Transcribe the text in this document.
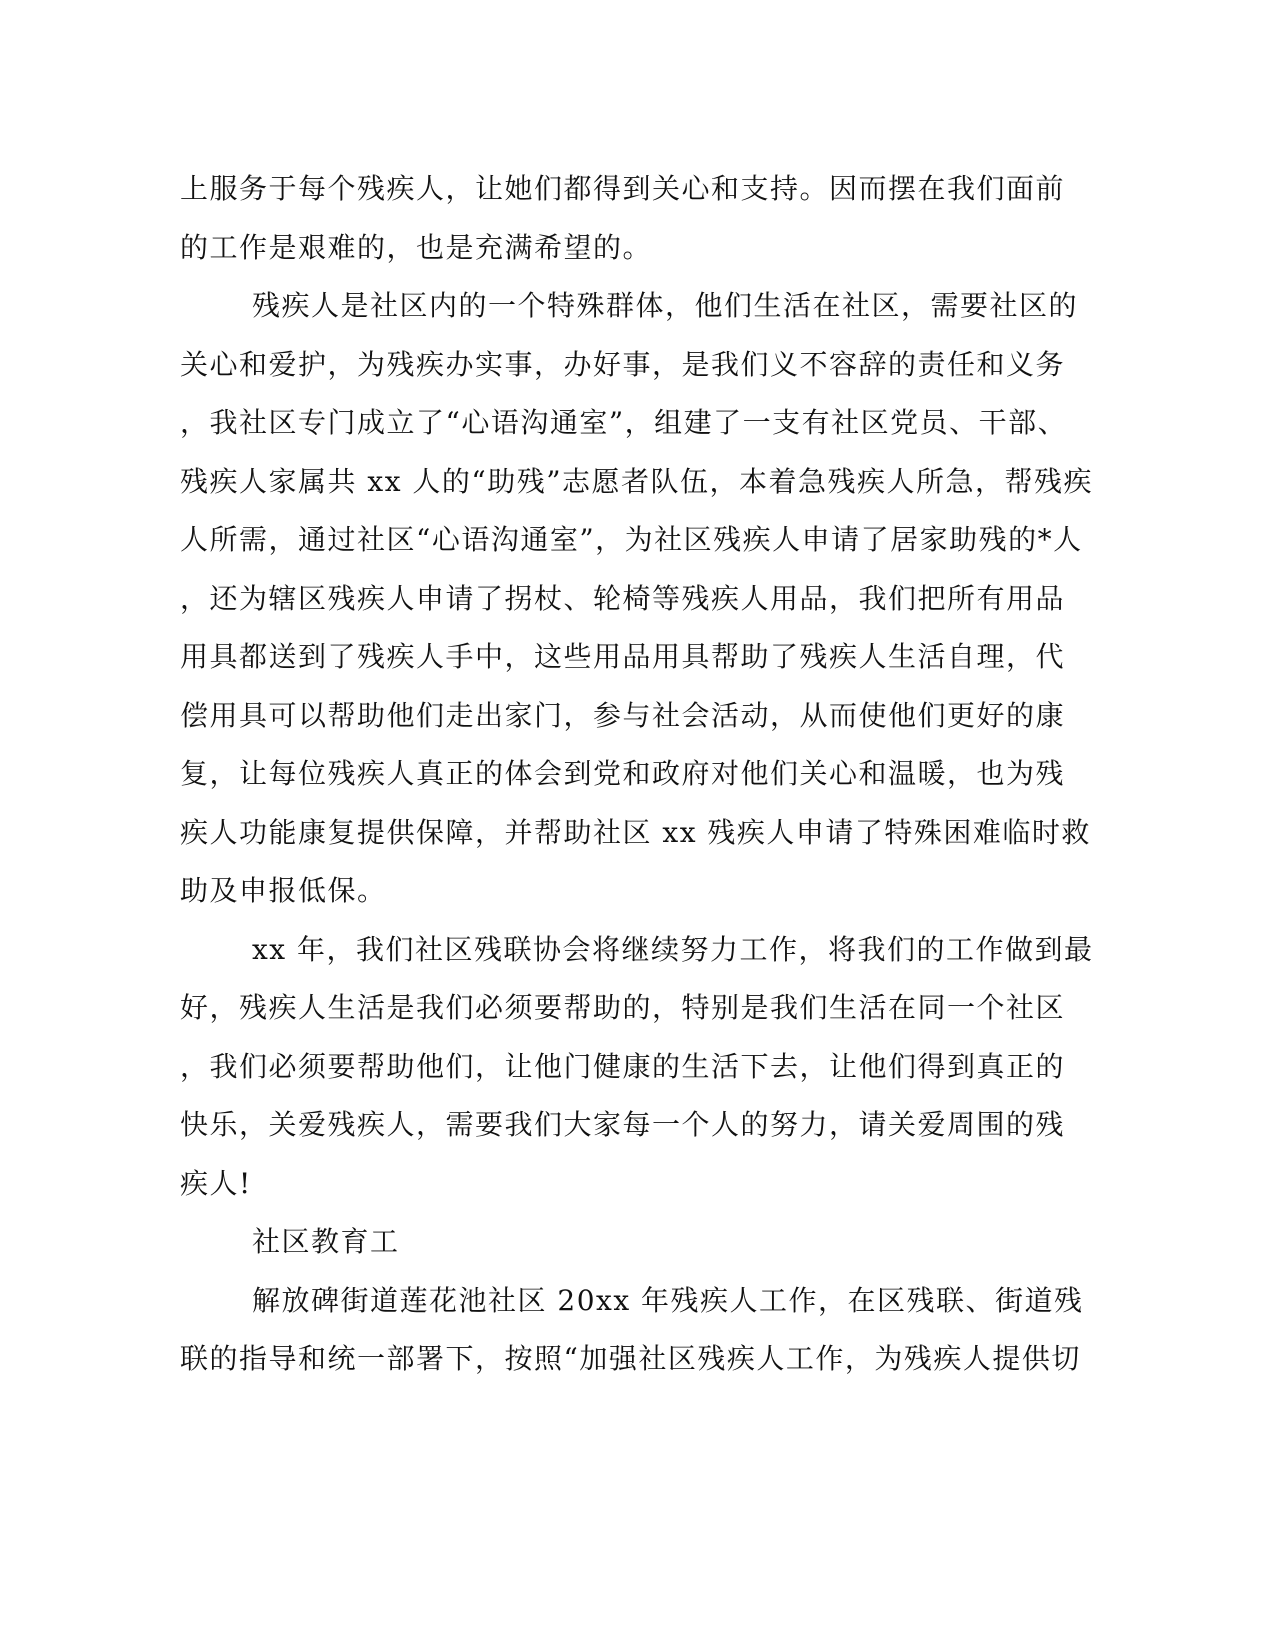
上服务于每个残疾人，让她们都得到关心和支持。因而摆在我们面前
的工作是艰难的，也是充满希望的。
残疾人是社区内的一个特殊群体，他们生活在社区，需要社区的
关心和爱护，为残疾办实事，办好事，是我们义不容辞的责任和义务
，我社区专门成立了“心语沟通室”，组建了一支有社区党员、干部、
残疾人家属共 xx 人的“助残”志愿者队伍，本着急残疾人所急，帮残疾
人所需，通过社区“心语沟通室”，为社区残疾人申请了居家助残的*人
，还为辖区残疾人申请了拐杖、轮椅等残疾人用品，我们把所有用品
用具都送到了残疾人手中，这些用品用具帮助了残疾人生活自理，代
偿用具可以帮助他们走出家门，参与社会活动，从而使他们更好的康
复，让每位残疾人真正的体会到党和政府对他们关心和温暖，也为残
疾人功能康复提供保障，并帮助社区 xx 残疾人申请了特殊困难临时救
助及申报低保。
xx 年，我们社区残联协会将继续努力工作，将我们的工作做到最
好，残疾人生活是我们必须要帮助的，特别是我们生活在同一个社区
，我们必须要帮助他们，让他门健康的生活下去，让他们得到真正的
快乐，关爱残疾人，需要我们大家每一个人的努力，请关爱周围的残
疾人!
社区教育工
解放碑街道莲花池社区 20xx 年残疾人工作，在区残联、街道残
联的指导和统一部署下，按照“加强社区残疾人工作，为残疾人提供切
